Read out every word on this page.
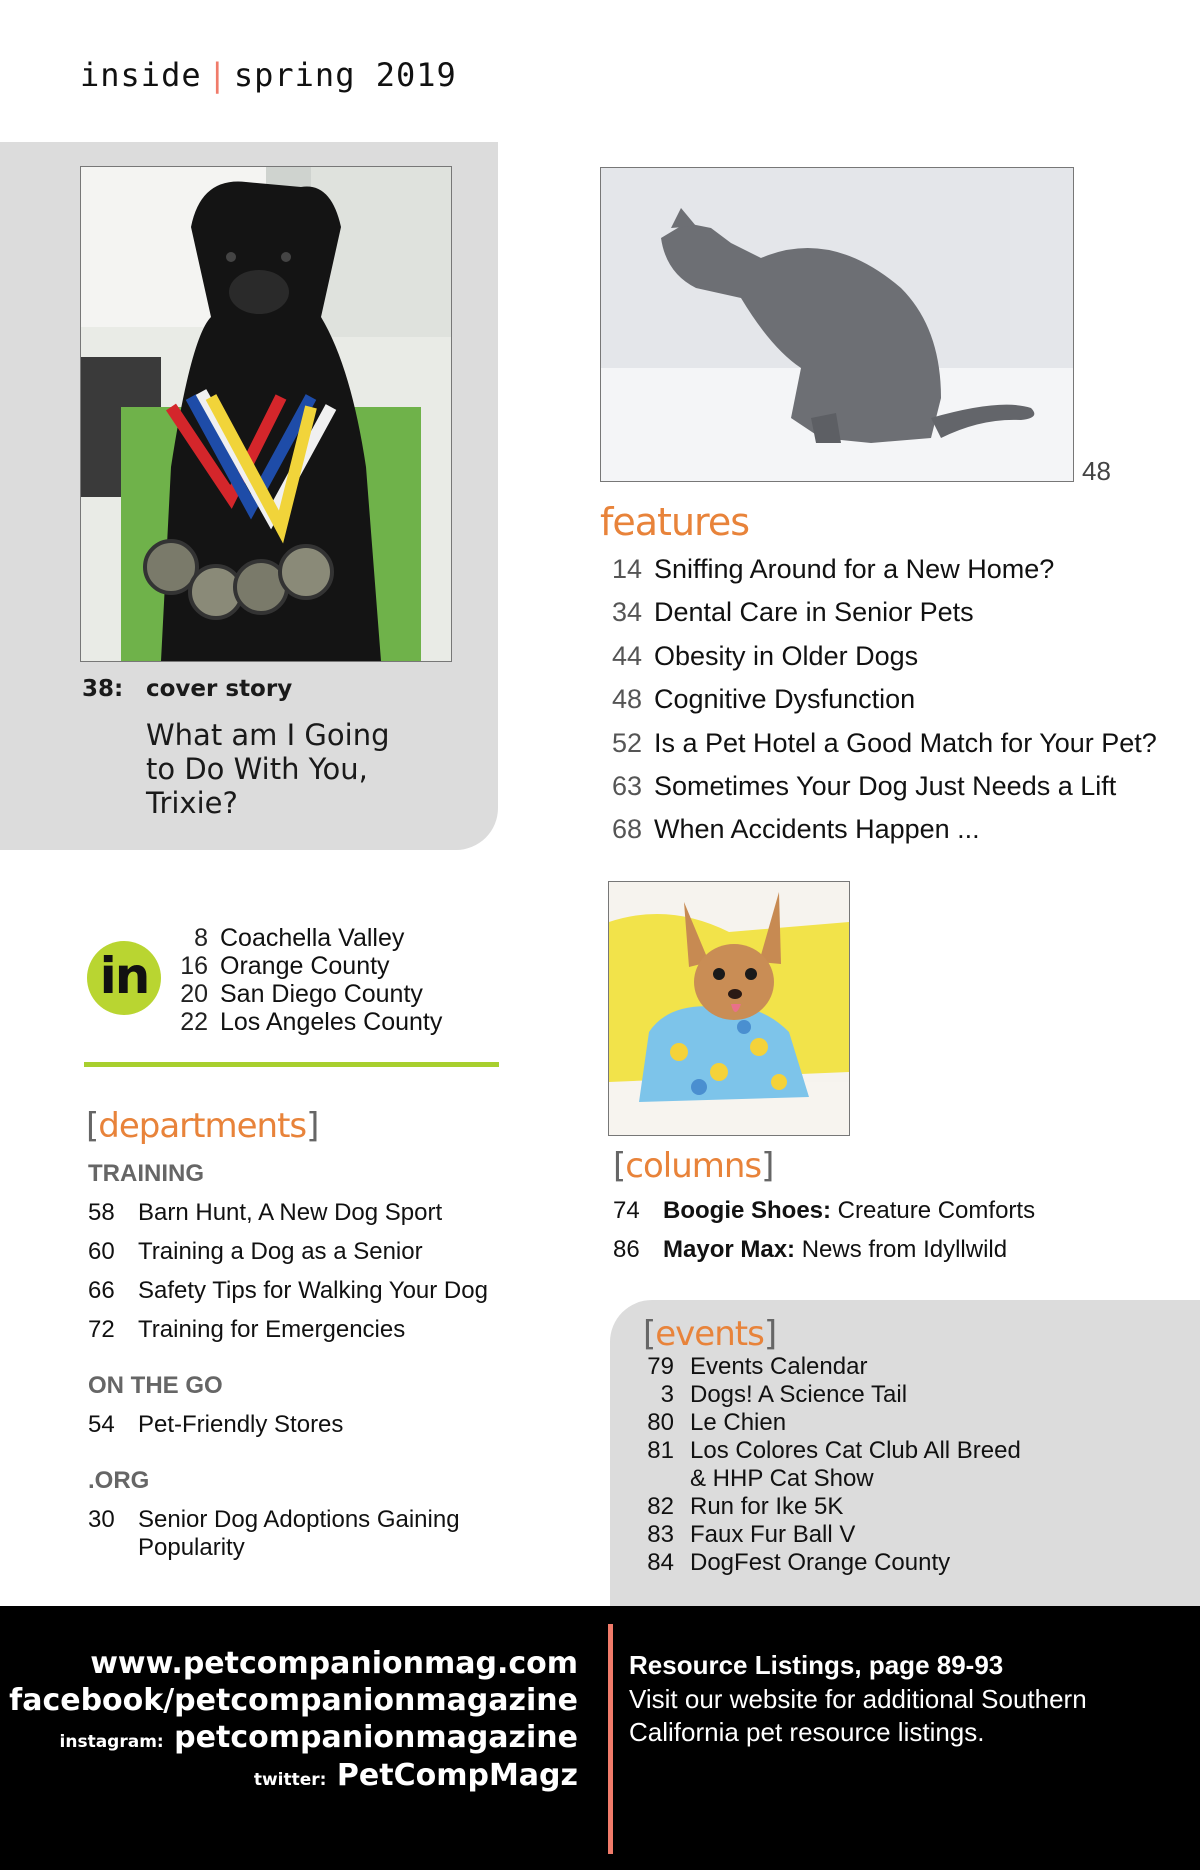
inside | spring 2019
38: cover story
What am I Going
to Do With You,
Trixie?
48
features
14 Sniffing Around for a New Home?
34 Dental Care in Senior Pets
44 Obesity in Older Dogs
48 Cognitive Dysfunction
52 Is a Pet Hotel a Good Match for Your Pet?
63 Sometimes Your Dog Just Needs a Lift
68 When Accidents Happen ...
in
8 Coachella Valley
16 Orange County
20 San Diego County
22 Los Angeles County
[departments]
TRAINING
58 Barn Hunt, A New Dog Sport
60 Training a Dog as a Senior
66 Safety Tips for Walking Your Dog
72 Training for Emergencies
ON THE GO
54 Pet-Friendly Stores
.ORG
30 Senior Dog Adoptions Gaining
Popularity
[columns]
74 Boogie Shoes: Creature Comforts
86 Mayor Max: News from Idyllwild
[events]
79 Events Calendar
3 Dogs! A Science Tail
80 Le Chien
81 Los Colores Cat Club All Breed
& HHP Cat Show
82 Run for Ike 5K
83 Faux Fur Ball V
84 DogFest Orange County
www.petcompanionmag.com
facebook/petcompanionmagazine
instagram: petcompanionmagazine
twitter: PetCompMagz
Resource Listings, page 89-93
Visit our website for additional Southern
California pet resource listings.
